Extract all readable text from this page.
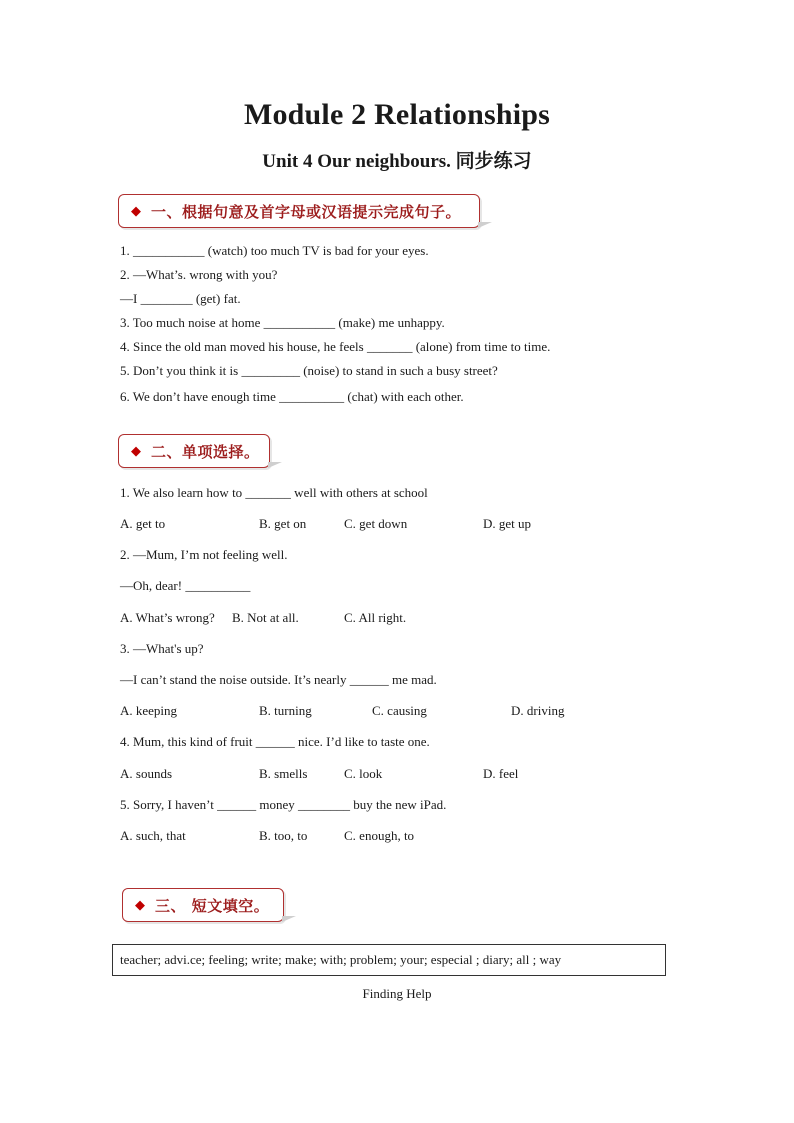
Module 2 Relationships
Unit 4 Our neighbours. 同步练习
◆ 一、根据句意及首字母或汉语提示完成句子。
1. ___________ (watch) too much TV is bad for your eyes.
2. —What’s. wrong with you?
—I ________ (get) fat.
3. Too much noise at home ___________ (make) me unhappy.
4. Since the old man moved his house, he feels _______ (alone) from time to time.
5. Don’t you think it is _________ (noise) to stand in such a busy street?
6. We don’t have enough time __________ (chat) with each other.
◆ 二、单项选择。
1. We also learn how to _______ well with others at school
A. get to	B. get on	C. get down	D. get up
2. —Mum, I’m not feeling well.
—Oh, dear! __________
A. What’s wrong? B. Not at all.	C. All right.
3. —What's up?
—I can’t stand the noise outside. It’s nearly ______ me mad.
A. keeping	B. turning	C. causing	D. driving
4. Mum, this kind of fruit ______ nice. I’d like to taste one.
A. sounds	B. smells	C. look	D. feel
5. Sorry, I haven’t ______ money ________ buy the new iPad.
A. such, that	B. too, to	C. enough, to
◆ 三、 短文填空。
teacher; advi.ce; feeling; write; make; with; problem; your; especial ; diary; all ; way
Finding Help
